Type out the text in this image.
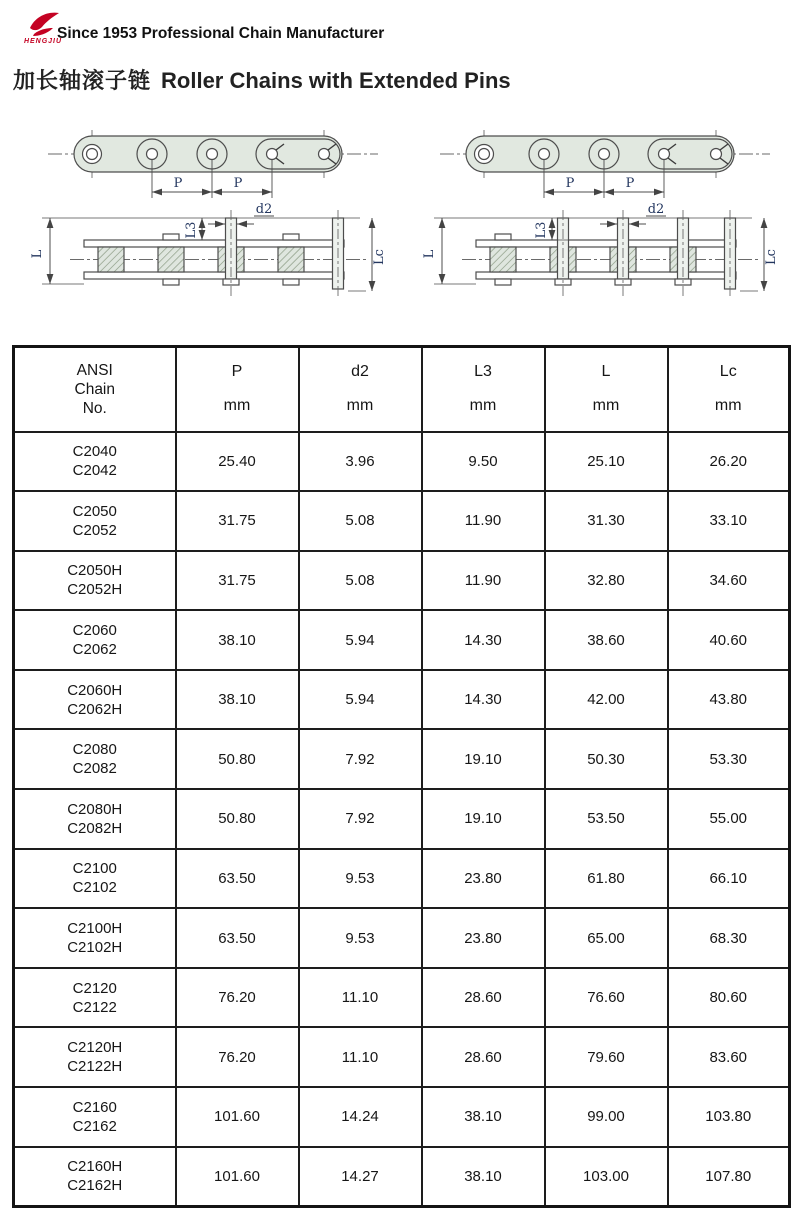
HENGJIU
Since 1953 Professional Chain Manufacturer
加长轴滚子链 Roller Chains with Extended Pins
P	P
d2
L3
L	Lc
P	P
d2
L3
L	Lc
ANSI
Chain
No.

P
mm

d2
mm

L3
mm

L
mm

Lc
mm

C2040
C2042	25.40	3.96	9.50	25.10	26.20

C2050
C2052	31.75	5.08	11.90	31.30	33.10

C2050H
C2052H	31.75	5.08	11.90	32.80	34.60

C2060
C2062	38.10	5.94	14.30	38.60	40.60

C2060H
C2062H	38.10	5.94	14.30	42.00	43.80

C2080
C2082	50.80	7.92	19.10	50.30	53.30

C2080H
C2082H	50.80	7.92	19.10	53.50	55.00

C2100
C2102	63.50	9.53	23.80	61.80	66.10

C2100H
C2102H	63.50	9.53	23.80	65.00	68.30

C2120
C2122	76.20	11.10	28.60	76.60	80.60

C2120H
C2122H	76.20	11.10	28.60	79.60	83.60

C2160
C2162	101.60	14.24	38.10	99.00	103.80

C2160H
C2162H	101.60	14.27	38.10	103.00	107.80
